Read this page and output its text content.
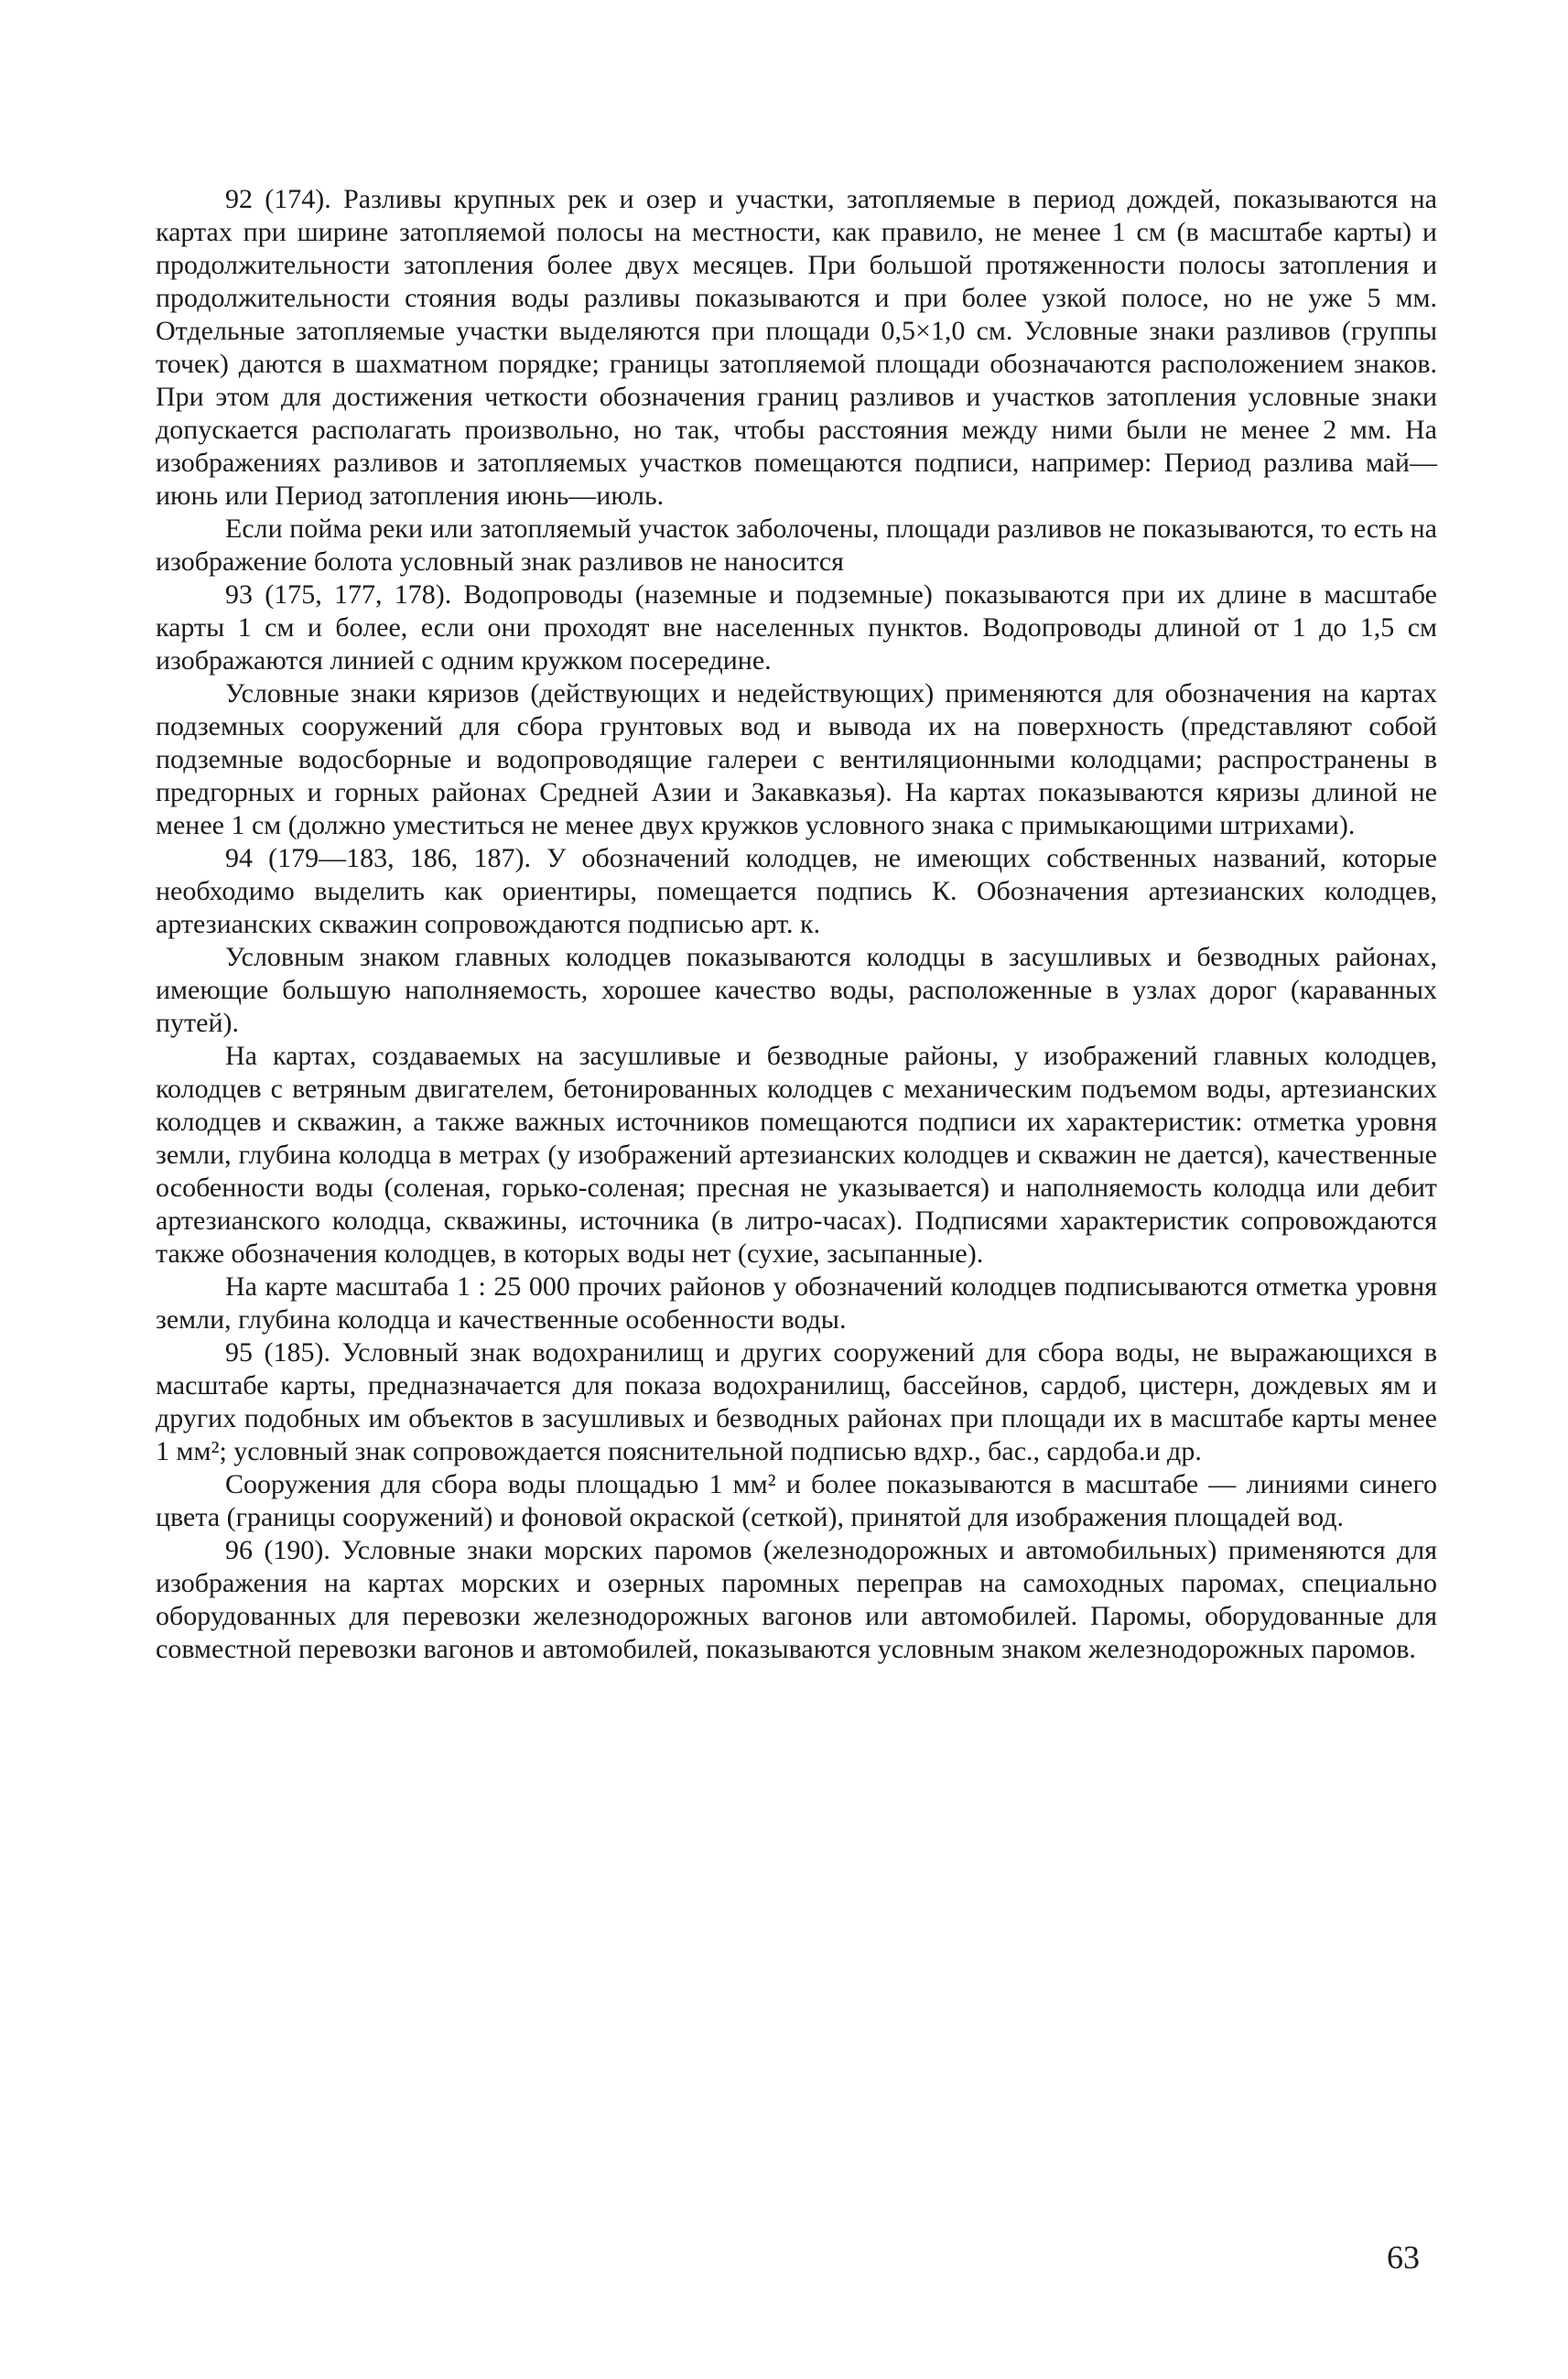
92 (174). Разливы крупных рек и озер и участки, затопляемые в период дождей, показываются на картах при ширине затопляемой полосы на местности, как правило, не менее 1 см (в масштабе карты) и продолжительности затопления более двух месяцев. При большой протяженности полосы затопления и продолжительности стояния воды разливы показываются и при более узкой полосе, но не уже 5 мм. Отдельные затопляемые участки выделяются при площади 0,5×1,0 см. Условные знаки разливов (группы точек) даются в шахматном порядке; границы затопляемой площади обозначаются расположением знаков. При этом для достижения четкости обозначения границ разливов и участков затопления условные знаки допускается располагать произвольно, но так, чтобы расстояния между ними были не менее 2 мм. На изображениях разливов и затопляемых участков помещаются подписи, например: Период разлива май—июнь или Период затопления июнь—июль.

Если пойма реки или затопляемый участок заболочены, площади разливов не показываются, то есть на изображение болота условный знак разливов не наносится

93 (175, 177, 178). Водопроводы (наземные и подземные) показываются при их длине в масштабе карты 1 см и более, если они проходят вне населенных пунктов. Водопроводы длиной от 1 до 1,5 см изображаются линией с одним кружком посередине.

Условные знаки кяризов (действующих и недействующих) применяются для обозначения на картах подземных сооружений для сбора грунтовых вод и вывода их на поверхность (представляют собой подземные водосборные и водопроводящие галереи с вентиляционными колодцами; распространены в предгорных и горных районах Средней Азии и Закавказья). На картах показываются кяризы длиной не менее 1 см (должно уместиться не менее двух кружков условного знака с примыкающими штрихами).

94 (179—183, 186, 187). У обозначений колодцев, не имеющих собственных названий, которые необходимо выделить как ориентиры, помещается подпись К. Обозначения артезианских колодцев, артезианских скважин сопровождаются подписью арт. к.

Условным знаком главных колодцев показываются колодцы в засушливых и безводных районах, имеющие большую наполняемость, хорошее качество воды, расположенные в узлах дорог (караванных путей).

На картах, создаваемых на засушливые и безводные районы, у изображений главных колодцев, колодцев с ветряным двигателем, бетонированных колодцев с механическим подъемом воды, артезианских колодцев и скважин, а также важных источников помещаются подписи их характеристик: отметка уровня земли, глубина колодца в метрах (у изображений артезианских колодцев и скважин не дается), качественные особенности воды (соленая, горько-соленая; пресная не указывается) и наполняемость колодца или дебит артезианского колодца, скважины, источника (в литро-часах). Подписями характеристик сопровождаются также обозначения колодцев, в которых воды нет (сухие, засыпанные).

На карте масштаба 1 : 25 000 прочих районов у обозначений колодцев подписываются отметка уровня земли, глубина колодца и качественные особенности воды.

95 (185). Условный знак водохранилищ и других сооружений для сбора воды, не выражающихся в масштабе карты, предназначается для показа водохранилищ, бассейнов, сардоб, цистерн, дождевых ям и других подобных им объектов в засушливых и безводных районах при площади их в масштабе карты менее 1 мм²; условный знак сопровождается пояснительной подписью вдхр., бас., сардоба.и др.

Сооружения для сбора воды площадью 1 мм² и более показываются в масштабе — линиями синего цвета (границы сооружений) и фоновой окраской (сеткой), принятой для изображения площадей вод.

96 (190). Условные знаки морских паромов (железнодорожных и автомобильных) применяются для изображения на картах морских и озерных паромных переправ на самоходных паромах, специально оборудованных для перевозки железнодорожных вагонов или автомобилей. Паромы, оборудованные для совместной перевозки вагонов и автомобилей, показываются условным знаком железнодорожных паромов.

63
